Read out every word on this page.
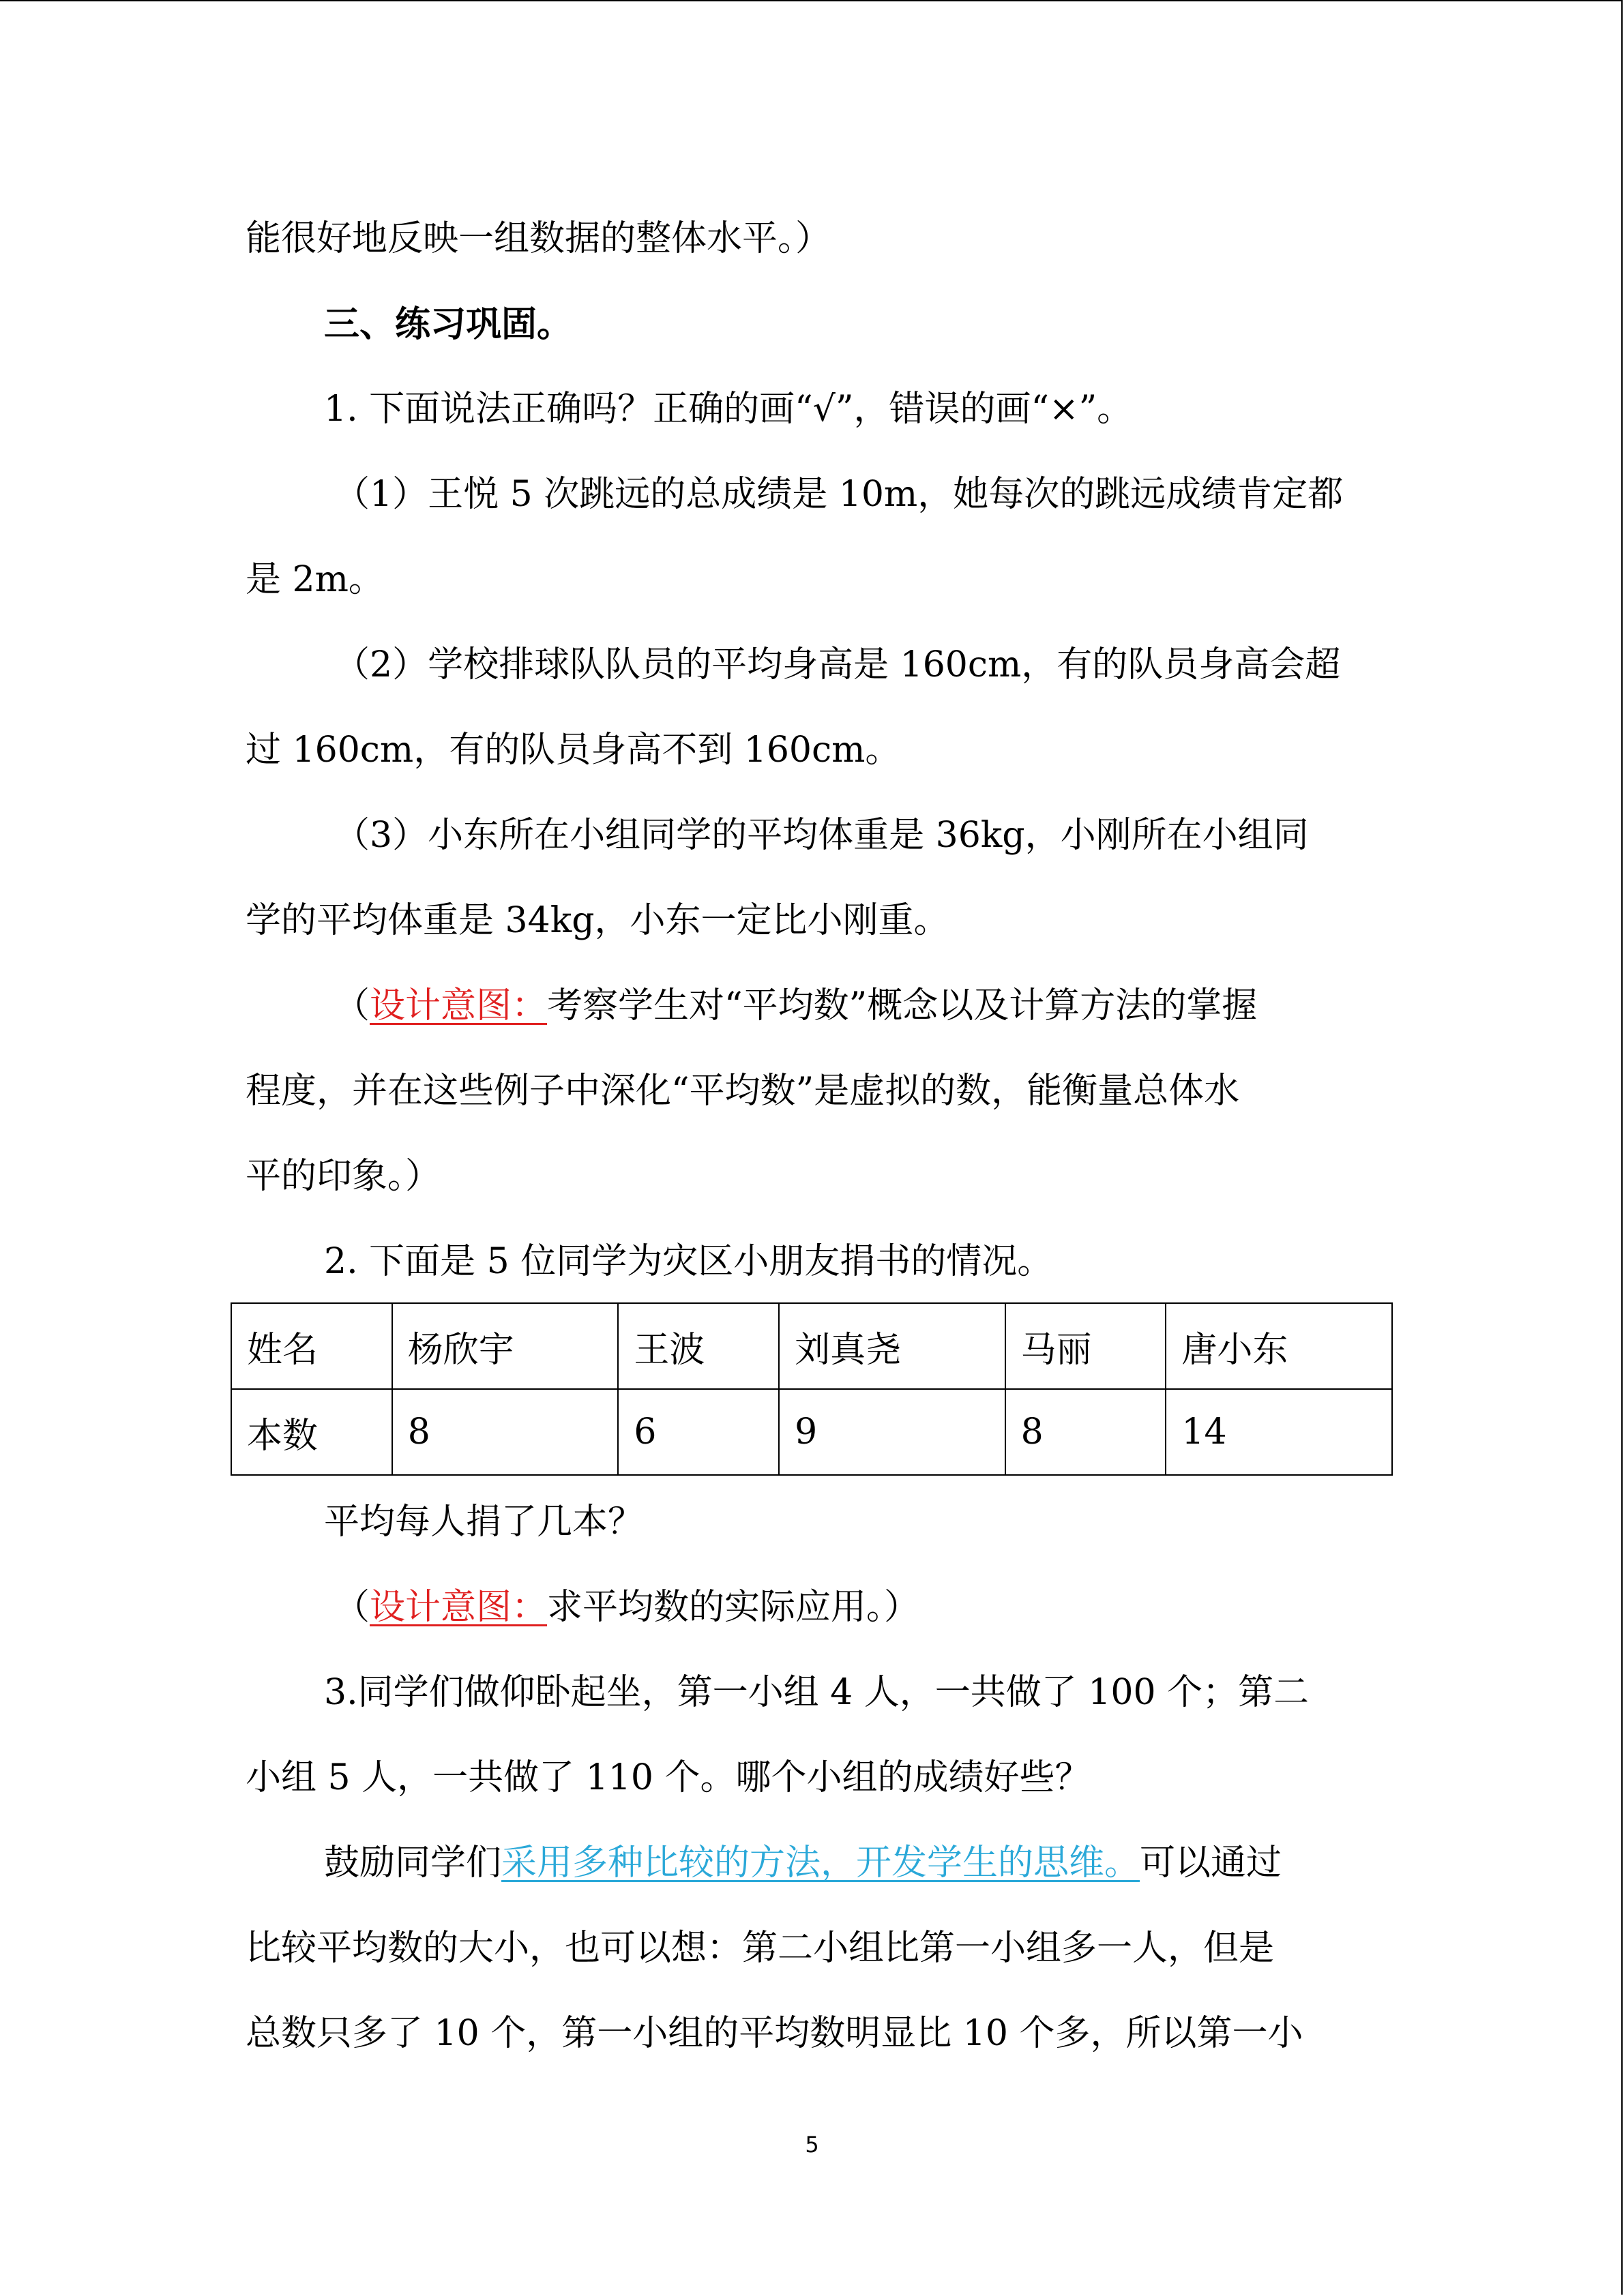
能很好地反映一组数据的整体水平。）
三、练习巩固。
1. 下面说法正确吗？正确的画“√”，错误的画“×”。
（1）王悦 5 次跳远的总成绩是 10m，她每次的跳远成绩肯定都
是 2m。
（2）学校排球队队员的平均身高是 160cm，有的队员身高会超
过 160cm，有的队员身高不到 160cm。
（3）小东所在小组同学的平均体重是 36kg，小刚所在小组同
学的平均体重是 34kg，小东一定比小刚重。
（设计意图：考察学生对“平均数”概念以及计算方法的掌握
程度，并在这些例子中深化“平均数”是虚拟的数，能衡量总体水
平的印象。）
2. 下面是 5 位同学为灾区小朋友捐书的情况。
姓名	杨欣宇	王波	刘真尧	马丽	唐小东
本数	8	6	9	8	14
平均每人捐了几本？
（设计意图：求平均数的实际应用。）
3.同学们做仰卧起坐，第一小组 4 人，一共做了 100 个；第二
小组 5 人，一共做了 110 个。哪个小组的成绩好些？
鼓励同学们采用多种比较的方法，开发学生的思维。可以通过
比较平均数的大小，也可以想：第二小组比第一小组多一人，但是
总数只多了 10 个，第一小组的平均数明显比 10 个多，所以第一小
5
